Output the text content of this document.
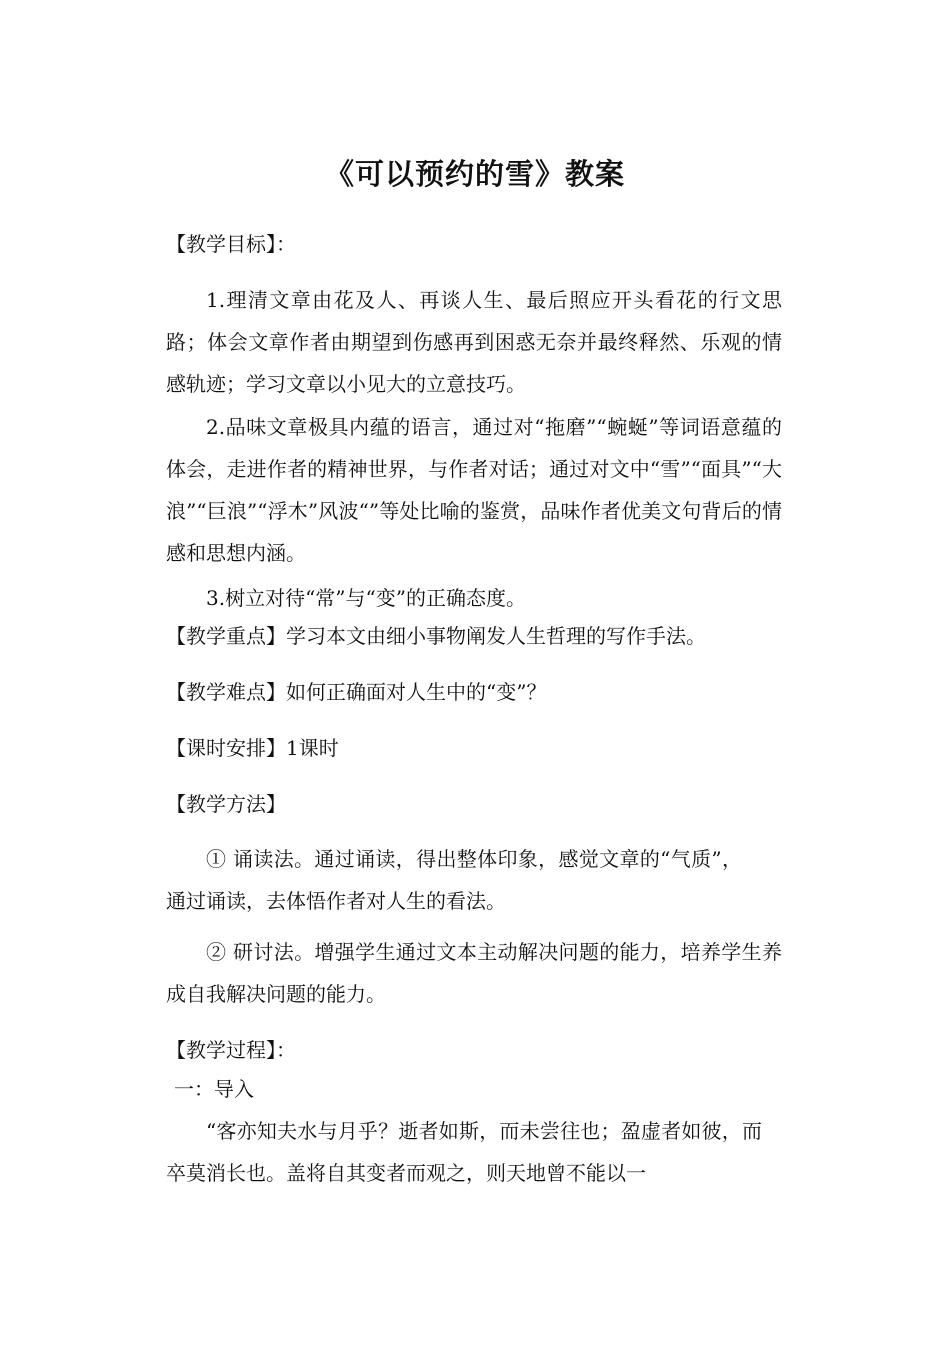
《可以预约的雪》教案

【教学目标】：

1.理清文章由花及人、再谈人生、最后照应开头看花的行文思路；体会文章作者由期望到伤感再到困惑无奈并最终释然、乐观的情感轨迹；学习文章以小见大的立意技巧。

2.品味文章极具内蕴的语言，通过对“拖磨”“蜿蜒”等词语意蕴的体会，走进作者的精神世界，与作者对话；通过对文中“雪”“面具”“大浪”“巨浪”“浮木”风波“”等处比喻的鉴赏，品味作者优美文句背后的情感和思想内涵。

3.树立对待“常”与“变”的正确态度。

【教学重点】学习本文由细小事物阐发人生哲理的写作手法。

【教学难点】如何正确面对人生中的“变”？

【课时安排】1课时

【教学方法】

① 诵读法。通过诵读，得出整体印象，感觉文章的“气质”，通过诵读，去体悟作者对人生的看法。

② 研讨法。增强学生通过文本主动解决问题的能力，培养学生养成自我解决问题的能力。

【教学过程】：

一：导入

“客亦知夫水与月乎？逝者如斯，而未尝往也；盈虚者如彼，而卒莫消长也。盖将自其变者而观之，则天地曾不能以一
